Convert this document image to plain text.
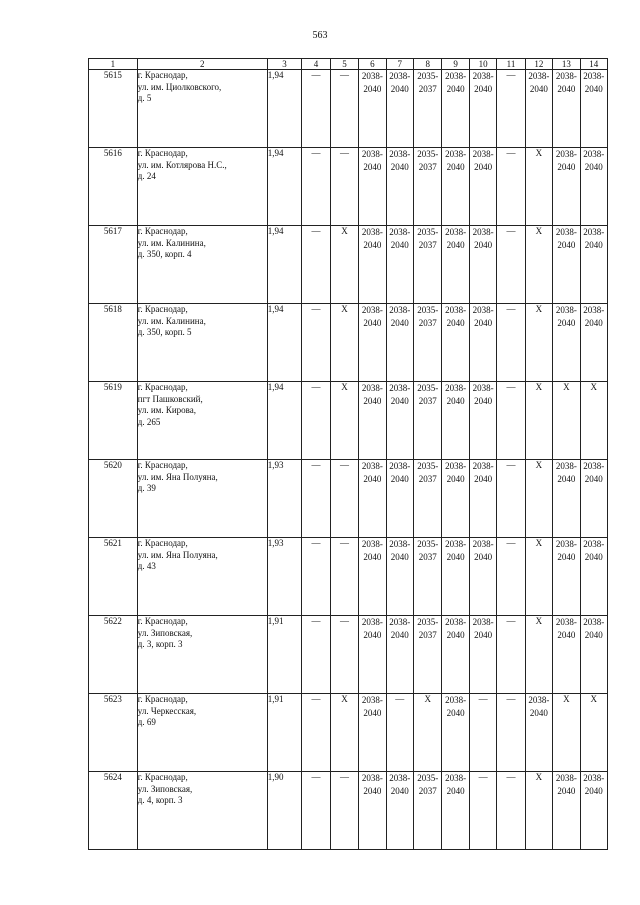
563
1	2	3	4	5	6	7	8	9	10	11	12	13	14
5615	г. Краснодар,
ул. им. Циолковского,
д. 5	1,94	—	—	2038-
2040	2038-
2040	2035-
2037	2038-
2040	2038-
2040	—	2038-
2040	2038-
2040	2038-
2040

5616	г. Краснодар,
ул. им. Котлярова Н.С.,
д. 24	1,94	—	—	2038-
2040	2038-
2040	2035-
2037	2038-
2040	2038-
2040	—	X	2038-
2040	2038-
2040

5617	г. Краснодар,
ул. им. Калинина,
д. 350, корп. 4	1,94	—	X	2038-
2040	2038-
2040	2035-
2037	2038-
2040	2038-
2040	—	X	2038-
2040	2038-
2040

5618	г. Краснодар,
ул. им. Калинина,
д. 350, корп. 5	1,94	—	X	2038-
2040	2038-
2040	2035-
2037	2038-
2040	2038-
2040	—	X	2038-
2040	2038-
2040

5619	г. Краснодар,
пгт Пашковский,
ул. им. Кирова,
д. 265	1,94	—	X	2038-
2040	2038-
2040	2035-
2037	2038-
2040	2038-
2040	—	X	X	X
5620	г. Краснодар,
ул. им. Яна Полуяна,
д. 39	1,93	—	—	2038-
2040	2038-
2040	2035-
2037	2038-
2040	2038-
2040	—	X	2038-
2040	2038-
2040

5621	г. Краснодар,
ул. им. Яна Полуяна,
д. 43	1,93	—	—	2038-
2040	2038-
2040	2035-
2037	2038-
2040	2038-
2040	—	X	2038-
2040	2038-
2040

5622	г. Краснодар,
ул. Зиповская,
д. 3, корп. 3	1,91	—	—	2038-
2040	2038-
2040	2035-
2037	2038-
2040	2038-
2040	—	X	2038-
2040	2038-
2040

5623	г. Краснодар,
ул. Черкесская,
д. 69	1,91	—	X	2038-
2040	—	X	2038-
2040	—	—	2038-
2040	X	X
5624	г. Краснодар,
ул. Зиповская,
д. 4, корп. 3	1,90	—	—	2038-
2040	2038-
2040	2035-
2037	2038-
2040	—	—	X	2038-
2040	2038-
2040
